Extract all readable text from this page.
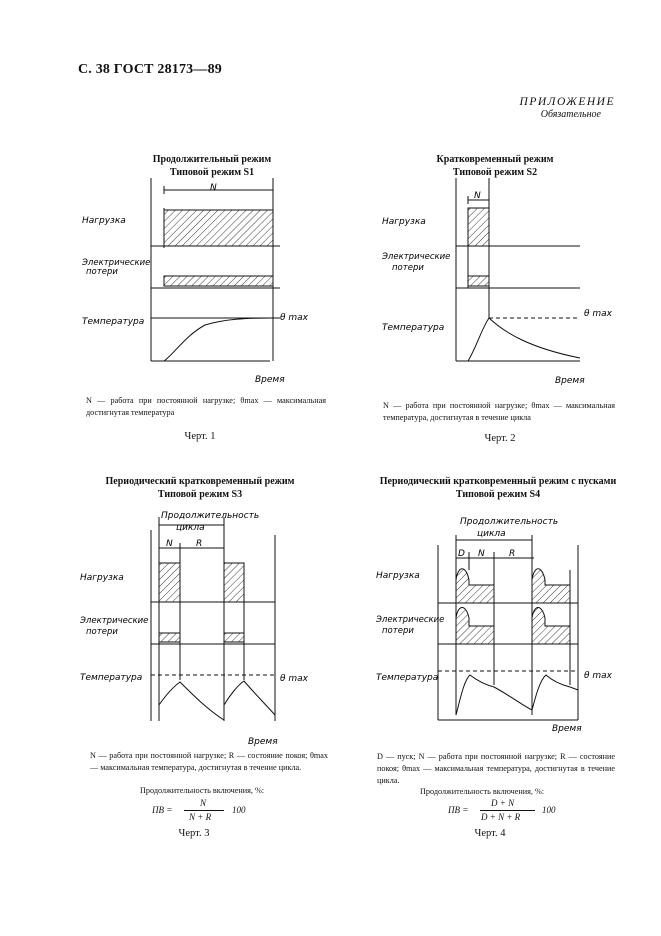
С. 38 ГОСТ 28173—89
ПРИЛОЖЕНИЕ
Обязательное
Продолжительный режим
Типовой режим S1
N
Нагрузка
Электрические
потери
Температура	θ max
Время
N — работа при постоянной нагрузке; θmax — максимальная достигнутая температура
Черт. 1
Кратковременный режим
Типовой режим S2
N
Нагрузка
Электрические
потери
Температура
θ max
Время
N — работа при постоянной нагрузке; θmax — максимальная температура, достигнутая в течение цикла
Черт. 2
Периодический кратковременный режим
Типовой режим S3
Продолжительность
цикла
N	R
Нагрузка
Электрические
потери
Температура	θ max
Время
N — работа при постоянной нагрузке; R — состояние покоя; θmax — максимальная температура, достигнутая в течение цикла.
Продолжительность включения, %:
ПВ =
N
N + R
100
Черт. 3
Периодический кратковременный режим с пусками
Типовой режим S4
Продолжительность
цикла
D N	R
Нагрузка
Электрические
потери
Температура	θ max
Время
D — пуск; N — работа при постоянной нагрузке; R — состояние покоя; θmax — максимальная температура, достигнутая в течение цикла.
Продолжительность включения, %:
ПВ =
D + N
D + N + R
100
Черт. 4
